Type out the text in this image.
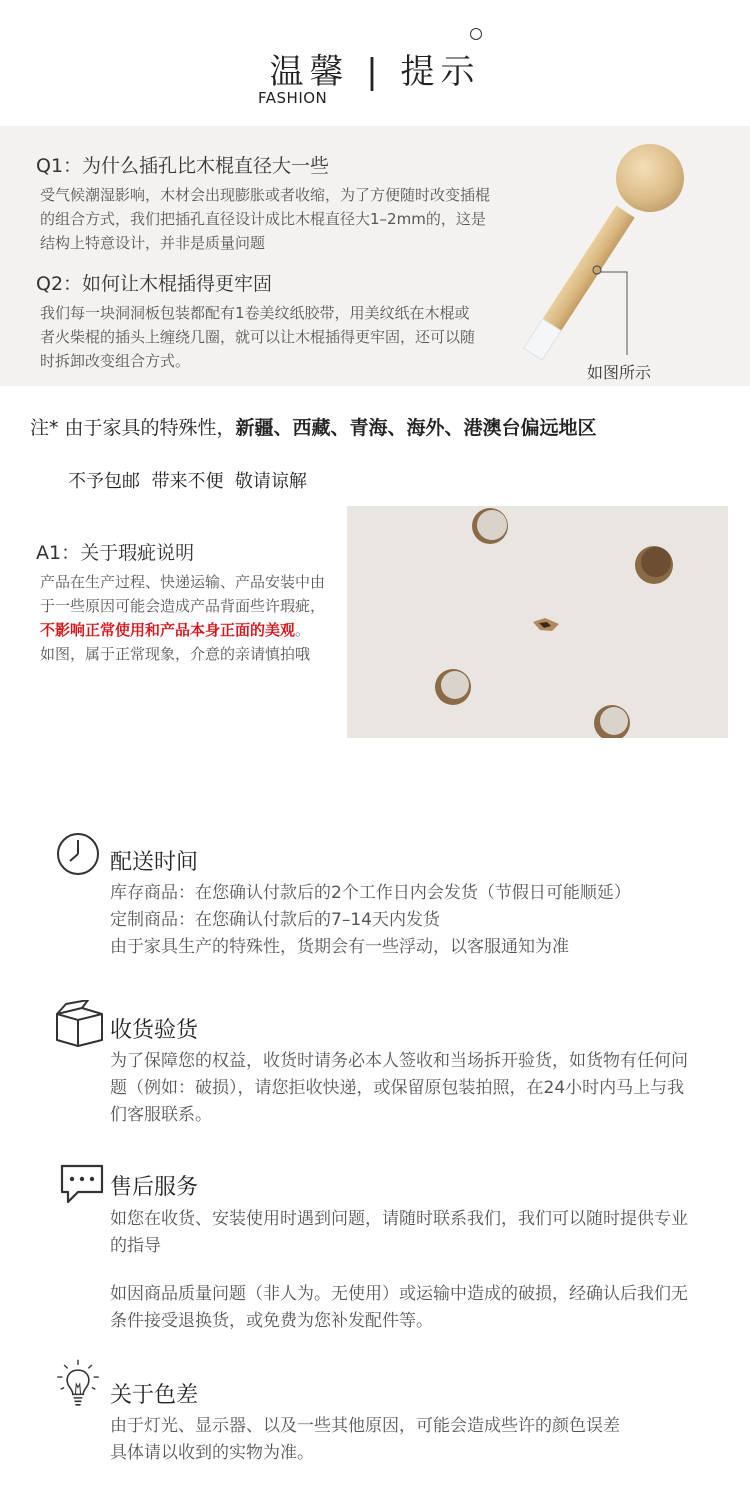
温馨 | 提示
FASHION
Q1：为什么插孔比木棍直径大一些
受气候潮湿影响，木材会出现膨胀或者收缩，为了方便随时改变插棍的组合方式，我们把插孔直径设计成比木棍直径大1–2mm的，这是结构上特意设计，并非是质量问题
Q2：如何让木棍插得更牢固
我们每一块洞洞板包装都配有1卷美纹纸胶带，用美纹纸在木棍或者火柴棍的插头上缠绕几圈，就可以让木棍插得更牢固，还可以随时拆卸改变组合方式。
如图所示
注* 由于家具的特殊性，新疆、西藏、青海、海外、港澳台偏远地区
不予包邮  带来不便  敬请谅解
A1：关于瑕疵说明
产品在生产过程、快递运输、产品安装中由于一些原因可能会造成产品背面些许瑕疵，不影响正常使用和产品本身正面的美观。如图，属于正常现象，介意的亲请慎拍哦
配送时间
库存商品：在您确认付款后的2个工作日内会发货（节假日可能顺延）
定制商品：在您确认付款后的7–14天内发货
由于家具生产的特殊性，货期会有一些浮动，以客服通知为准
收货验货
为了保障您的权益，收货时请务必本人签收和当场拆开验货，如货物有任何问题（例如：破损），请您拒收快递，或保留原包装拍照，在24小时内马上与我们客服联系。
售后服务
如您在收货、安装使用时遇到问题，请随时联系我们，我们可以随时提供专业的指导
如因商品质量问题（非人为。无使用）或运输中造成的破损，经确认后我们无条件接受退换货，或免费为您补发配件等。
关于色差
由于灯光、显示器、以及一些其他原因，可能会造成些许的颜色误差
具体请以收到的实物为准。
